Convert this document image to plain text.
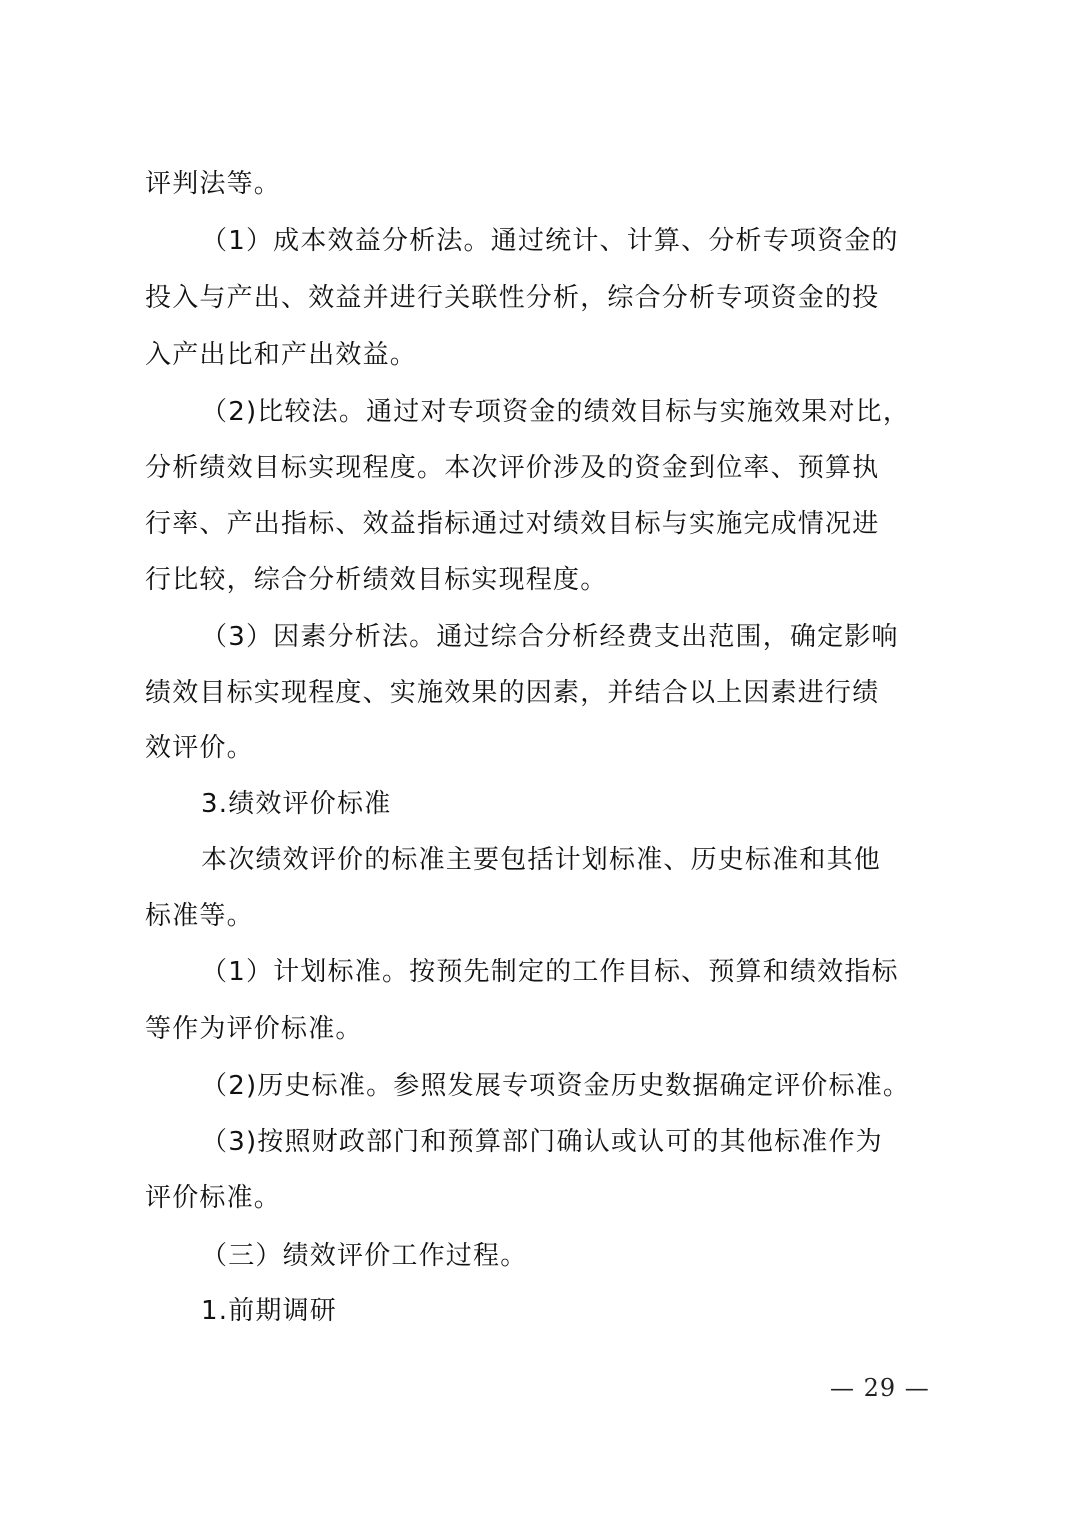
评判法等。
（1）成本效益分析法。通过统计、计算、分析专项资金的
投入与产出、效益并进行关联性分析，综合分析专项资金的投
入产出比和产出效益。
（2)比较法。通过对专项资金的绩效目标与实施效果对比，
分析绩效目标实现程度。本次评价涉及的资金到位率、预算执
行率、产出指标、效益指标通过对绩效目标与实施完成情况进
行比较，综合分析绩效目标实现程度。
（3）因素分析法。通过综合分析经费支出范围，确定影响
绩效目标实现程度、实施效果的因素，并结合以上因素进行绩
效评价。
3.绩效评价标准
本次绩效评价的标准主要包括计划标准、历史标准和其他
标准等。
（1）计划标准。按预先制定的工作目标、预算和绩效指标
等作为评价标准。
（2)历史标准。参照发展专项资金历史数据确定评价标准。
（3)按照财政部门和预算部门确认或认可的其他标准作为
评价标准。
（三）绩效评价工作过程。
1.前期调研
— 29 —
